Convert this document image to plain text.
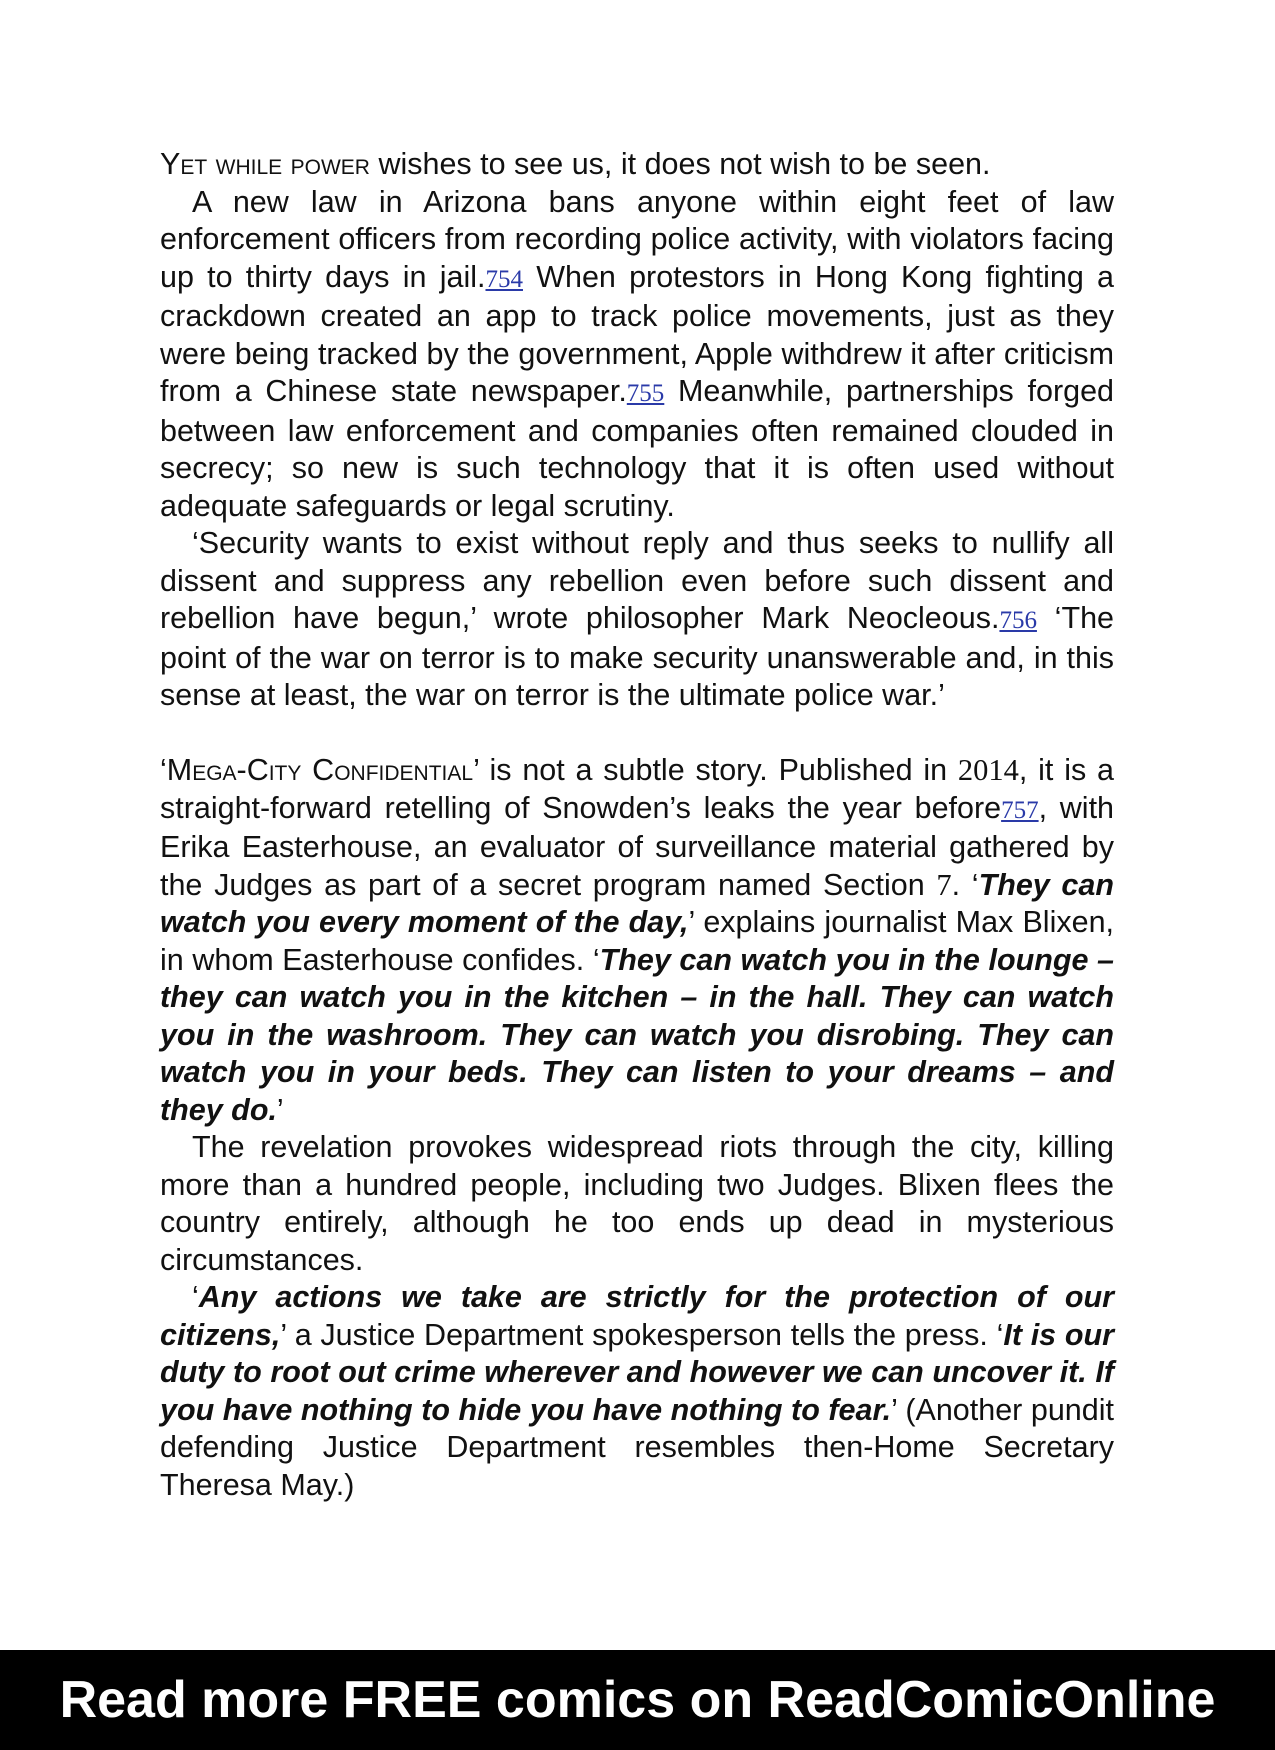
Yet while power wishes to see us, it does not wish to be seen.

A new law in Arizona bans anyone within eight feet of law enforcement officers from recording police activity, with violators facing up to thirty days in jail.754 When protestors in Hong Kong fighting a crackdown created an app to track police movements, just as they were being tracked by the government, Apple withdrew it after criticism from a Chinese state newspaper.755 Meanwhile, partnerships forged between law enforcement and companies often remained clouded in secrecy; so new is such technology that it is often used without adequate safeguards or legal scrutiny.

‘Security wants to exist without reply and thus seeks to nullify all dissent and suppress any rebellion even before such dissent and rebellion have begun,’ wrote philosopher Mark Neocleous.756 ‘The point of the war on terror is to make security unanswerable and, in this sense at least, the war on terror is the ultimate police war.’

‘Mega-City Confidential’ is not a subtle story. Published in 2014, it is a straight-forward retelling of Snowden’s leaks the year before757, with Erika Easterhouse, an evaluator of surveillance material gathered by the Judges as part of a secret program named Section 7. ‘They can watch you every moment of the day,’ explains journalist Max Blixen, in whom Easterhouse confides. ‘They can watch you in the lounge – they can watch you in the kitchen – in the hall. They can watch you in the washroom. They can watch you disrobing. They can watch you in your beds. They can listen to your dreams – and they do.’

The revelation provokes widespread riots through the city, killing more than a hundred people, including two Judges. Blixen flees the country entirely, although he too ends up dead in mysterious circumstances.

‘Any actions we take are strictly for the protection of our citizens,’ a Justice Department spokesperson tells the press. ‘It is our duty to root out crime wherever and however we can uncover it. If you have nothing to hide you have nothing to fear.’ (Another pundit defending Justice Department resembles then-Home Secretary Theresa May.)

Read more FREE comics on ReadComicOnline
